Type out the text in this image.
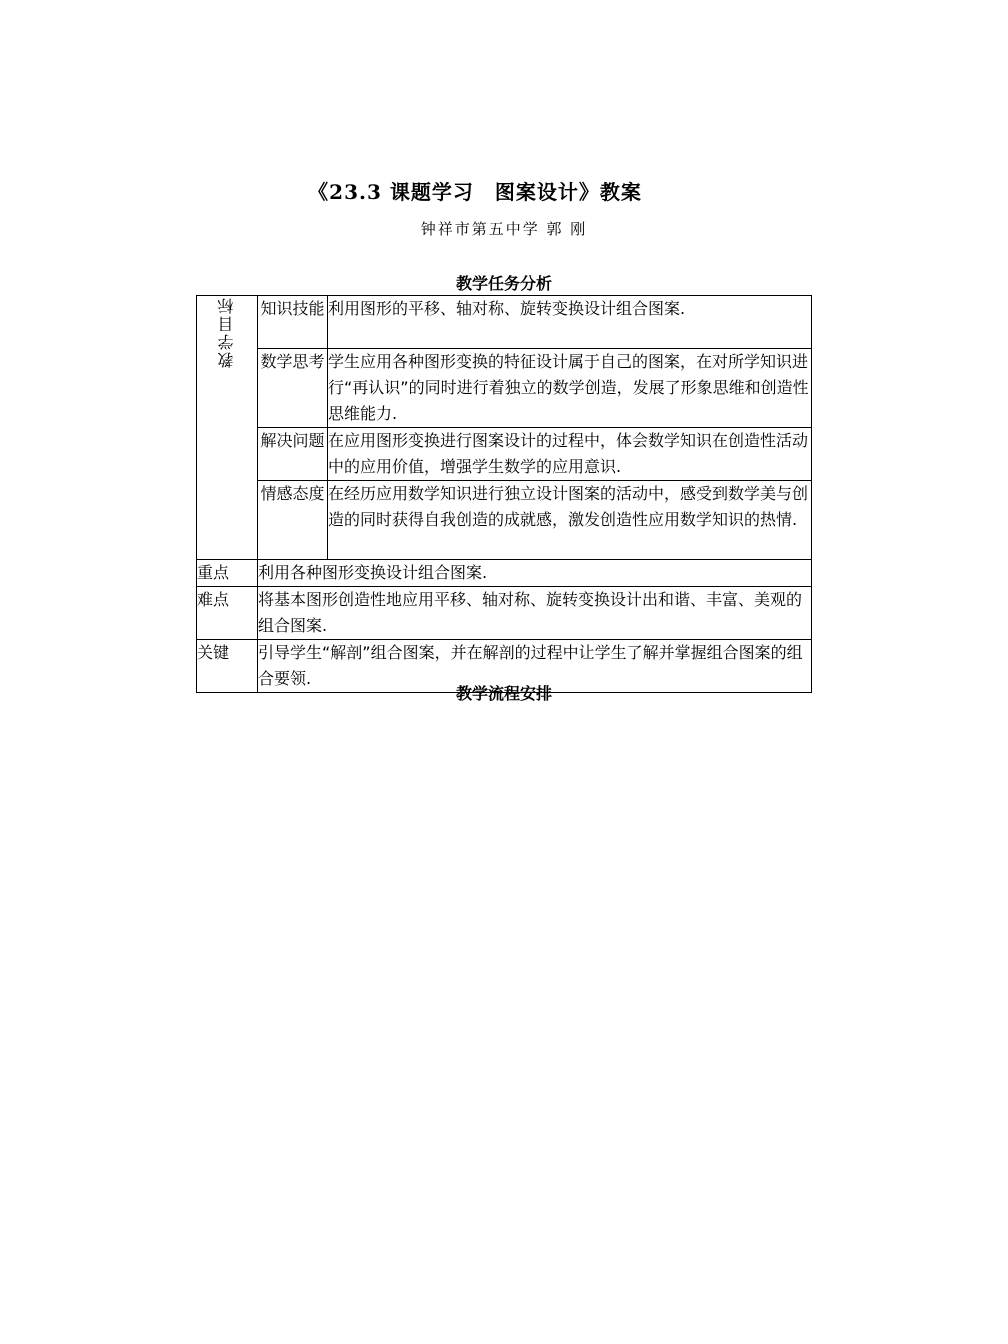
《23.3 课题学习　图案设计》教案
钟祥市第五中学 郭 刚
教学任务分析
教学目标	知识技能	利用图形的平移、轴对称、旋转变换设计组合图案.
	数学思考	学生应用各种图形变换的特征设计属于自己的图案，在对所学知识进行“再认识”的同时进行着独立的数学创造，发展了形象思维和创造性思维能力.
	解决问题	在应用图形变换进行图案设计的过程中，体会数学知识在创造性活动中的应用价值，增强学生数学的应用意识.
	情感态度	在经历应用数学知识进行独立设计图案的活动中，感受到数学美与创造的同时获得自我创造的成就感，激发创造性应用数学知识的热情.
重点	利用各种图形变换设计组合图案.	
难点	将基本图形创造性地应用平移、轴对称、旋转变换设计出和谐、丰富、美观的组合图案.	
关键	引导学生“解剖”组合图案，并在解剖的过程中让学生了解并掌握组合图案的组合要领.	
教学流程安排
